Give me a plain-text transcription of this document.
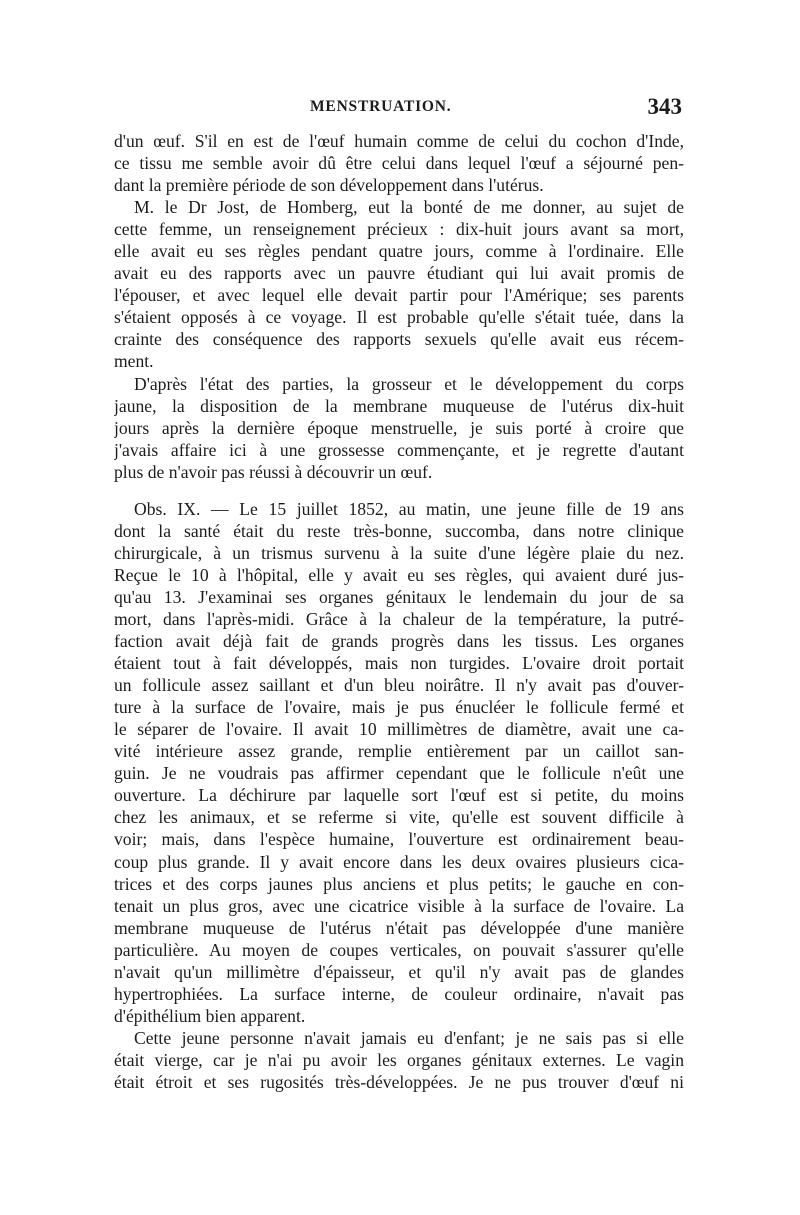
MENSTRUATION.	343
d'un œuf. S'il en est de l'œuf humain comme de celui du cochon d'Inde,
ce tissu me semble avoir dû être celui dans lequel l'œuf a séjourné pen-
dant la première période de son développement dans l'utérus.
M. le Dr Jost, de Homberg, eut la bonté de me donner, au sujet de
cette femme, un renseignement précieux : dix-huit jours avant sa mort,
elle avait eu ses règles pendant quatre jours, comme à l'ordinaire. Elle
avait eu des rapports avec un pauvre étudiant qui lui avait promis de
l'épouser, et avec lequel elle devait partir pour l'Amérique; ses parents
s'étaient opposés à ce voyage. Il est probable qu'elle s'était tuée, dans la
crainte des conséquence des rapports sexuels qu'elle avait eus récem-
ment.
D'après l'état des parties, la grosseur et le développement du corps
jaune, la disposition de la membrane muqueuse de l'utérus dix-huit
jours après la dernière époque menstruelle, je suis porté à croire que
j'avais affaire ici à une grossesse commençante, et je regrette d'autant
plus de n'avoir pas réussi à découvrir un œuf.
Obs. IX. — Le 15 juillet 1852, au matin, une jeune fille de 19 ans
dont la santé était du reste très-bonne, succomba, dans notre clinique
chirurgicale, à un trismus survenu à la suite d'une légère plaie du nez.
Reçue le 10 à l'hôpital, elle y avait eu ses règles, qui avaient duré jus-
qu'au 13. J'examinai ses organes génitaux le lendemain du jour de sa
mort, dans l'après-midi. Grâce à la chaleur de la température, la putré-
faction avait déjà fait de grands progrès dans les tissus. Les organes
étaient tout à fait développés, mais non turgides. L'ovaire droit portait
un follicule assez saillant et d'un bleu noirâtre. Il n'y avait pas d'ouver-
ture à la surface de l'ovaire, mais je pus énucléer le follicule fermé et
le séparer de l'ovaire. Il avait 10 millimètres de diamètre, avait une ca-
vité intérieure assez grande, remplie entièrement par un caillot san-
guin. Je ne voudrais pas affirmer cependant que le follicule n'eût une
ouverture. La déchirure par laquelle sort l'œuf est si petite, du moins
chez les animaux, et se referme si vite, qu'elle est souvent difficile à
voir; mais, dans l'espèce humaine, l'ouverture est ordinairement beau-
coup plus grande. Il y avait encore dans les deux ovaires plusieurs cica-
trices et des corps jaunes plus anciens et plus petits; le gauche en con-
tenait un plus gros, avec une cicatrice visible à la surface de l'ovaire. La
membrane muqueuse de l'utérus n'était pas développée d'une manière
particulière. Au moyen de coupes verticales, on pouvait s'assurer qu'elle
n'avait qu'un millimètre d'épaisseur, et qu'il n'y avait pas de glandes
hypertrophiées. La surface interne, de couleur ordinaire, n'avait pas
d'épithélium bien apparent.
Cette jeune personne n'avait jamais eu d'enfant; je ne sais pas si elle
était vierge, car je n'ai pu avoir les organes génitaux externes. Le vagin
était étroit et ses rugosités très-développées. Je ne pus trouver d'œuf ni
